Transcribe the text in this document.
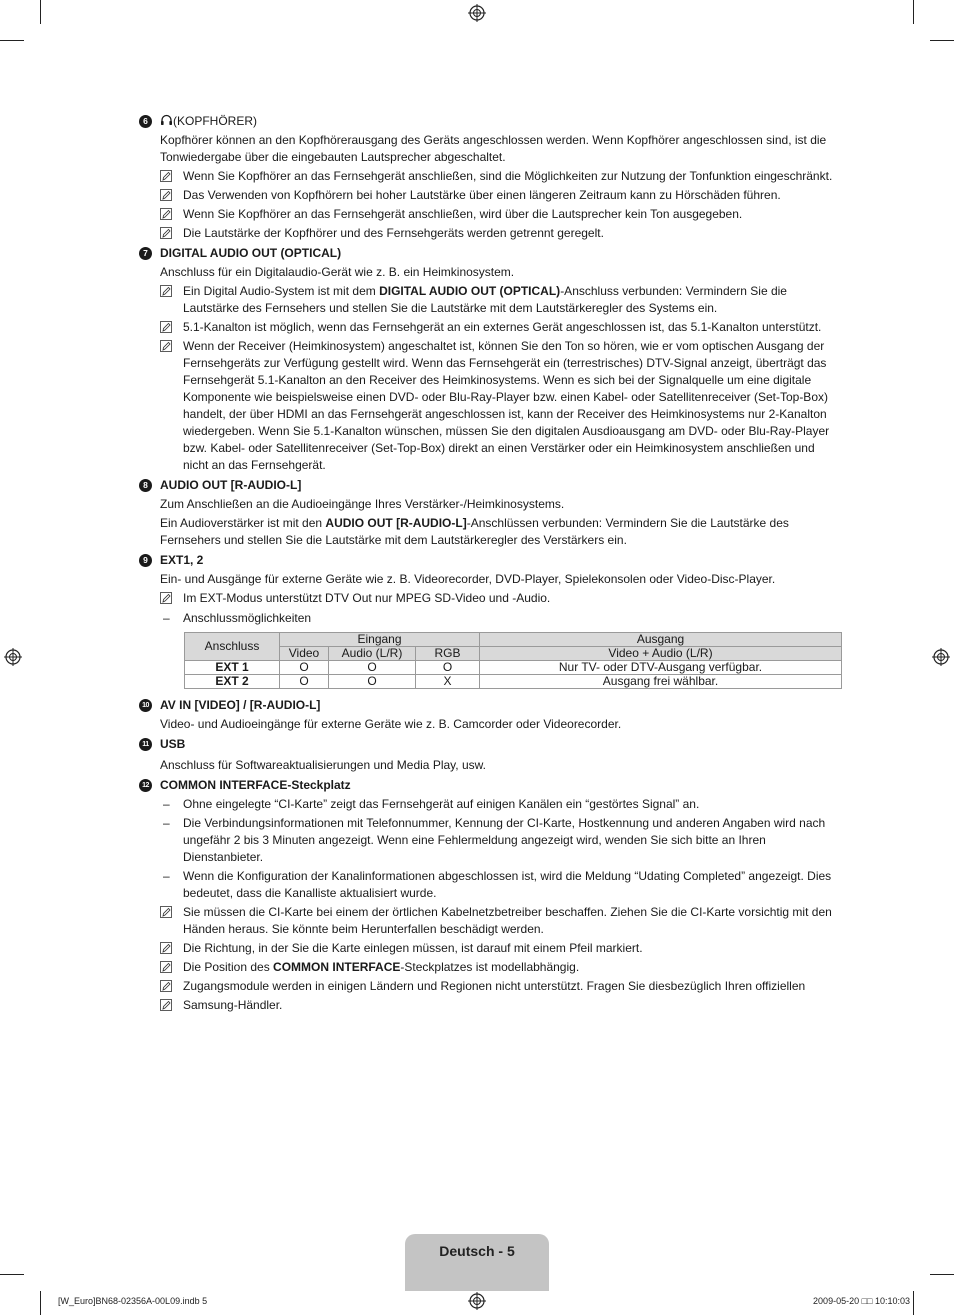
6	(KOPFHÖRER)
Kopfhörer können an den Kopfhörerausgang des Geräts angeschlossen werden. Wenn Kopfhörer angeschlossen sind, ist die Tonwiedergabe über die eingebauten Lautsprecher abgeschaltet.
Wenn Sie Kopfhörer an das Fernsehgerät anschließen, sind die Möglichkeiten zur Nutzung der Tonfunktion eingeschränkt.
Das Verwenden von Kopfhörern bei hoher Lautstärke über einen längeren Zeitraum kann zu Hörschäden führen.
Wenn Sie Kopfhörer an das Fernsehgerät anschließen, wird über die Lautsprecher kein Ton ausgegeben.
Die Lautstärke der Kopfhörer und des Fernsehgeräts werden getrennt geregelt.
7	DIGITAL AUDIO OUT (OPTICAL)
Anschluss für ein Digitalaudio-Gerät wie z. B. ein Heimkinosystem.
Ein Digital Audio-System ist mit dem DIGITAL AUDIO OUT (OPTICAL)-Anschluss verbunden: Vermindern Sie die Lautstärke des Fernsehers und stellen Sie die Lautstärke mit dem Lautstärkeregler des Systems ein.
5.1-Kanalton ist möglich, wenn das Fernsehgerät an ein externes Gerät angeschlossen ist, das 5.1-Kanalton unterstützt.
Wenn der Receiver (Heimkinosystem) angeschaltet ist, können Sie den Ton so hören, wie er vom optischen Ausgang der Fernsehgeräts zur Verfügung gestellt wird. Wenn das Fernsehgerät ein (terrestrisches) DTV-Signal anzeigt, überträgt das Fernsehgerät 5.1-Kanalton an den Receiver des Heimkinosystems. Wenn es sich bei der Signalquelle um eine digitale Komponente wie beispielsweise einen DVD- oder Blu-Ray-Player bzw. einen Kabel- oder Satellitenreceiver (Set-Top-Box) handelt, der über HDMI an das Fernsehgerät angeschlossen ist, kann der Receiver des Heimkinosystems nur 2-Kanalton wiedergeben. Wenn Sie 5.1-Kanalton wünschen, müssen Sie den digitalen Ausdioausgang am DVD- oder Blu-Ray-Player bzw. Kabel- oder Satellitenreceiver (Set-Top-Box) direkt an einen Verstärker oder ein Heimkinosystem anschließen und nicht an das Fernsehgerät.
8	AUDIO OUT [R-AUDIO-L]
Zum Anschließen an die Audioeingänge Ihres Verstärker-/Heimkinosystems.
Ein Audioverstärker ist mit den AUDIO OUT [R-AUDIO-L]-Anschlüssen verbunden: Vermindern Sie die Lautstärke des Fernsehers und stellen Sie die Lautstärke mit dem Lautstärkeregler des Verstärkers ein.
9	EXT1, 2
Ein- und Ausgänge für externe Geräte wie z. B. Videorecorder, DVD-Player, Spielekonsolen oder Video-Disc-Player.
Im EXT-Modus unterstützt DTV Out nur MPEG SD-Video und -Audio.
– Anschlussmöglichkeiten
Anschluss	Eingang			Ausgang
	Video	Audio (L/R)	RGB	Video + Audio (L/R)
EXT 1	O	O	O	Nur TV- oder DTV-Ausgang verfügbar.
EXT 2	O	O	X	Ausgang frei wählbar.
10 AV IN [VIDEO] / [R-AUDIO-L]
Video- und Audioeingänge für externe Geräte wie z. B. Camcorder oder Videorecorder.
11 USB
Anschluss für Softwareaktualisierungen und Media Play, usw.
12 COMMON INTERFACE-Steckplatz
– Ohne eingelegte “CI-Karte” zeigt das Fernsehgerät auf einigen Kanälen ein “gestörtes Signal” an.
– Die Verbindungsinformationen mit Telefonnummer, Kennung der CI-Karte, Hostkennung und anderen Angaben wird nach ungefähr 2 bis 3 Minuten angezeigt. Wenn eine Fehlermeldung angezeigt wird, wenden Sie sich bitte an Ihren Dienstanbieter.
– Wenn die Konfiguration der Kanalinformationen abgeschlossen ist, wird die Meldung “Udating Completed” angezeigt. Dies bedeutet, dass die Kanalliste aktualisiert wurde.
Sie müssen die CI-Karte bei einem der örtlichen Kabelnetzbetreiber beschaffen. Ziehen Sie die CI-Karte vorsichtig mit den Händen heraus. Sie könnte beim Herunterfallen beschädigt werden.
Die Richtung, in der Sie die Karte einlegen müssen, ist darauf mit einem Pfeil markiert.
Die Position des COMMON INTERFACE-Steckplatzes ist modellabhängig.
Zugangsmodule werden in einigen Ländern und Regionen nicht unterstützt. Fragen Sie diesbezüglich Ihren offiziellen
Samsung-Händler.
Deutsch - 5
[W_Euro]BN68-02356A-00L09.indb 5	2009-05-20 □□ 10:10:03
